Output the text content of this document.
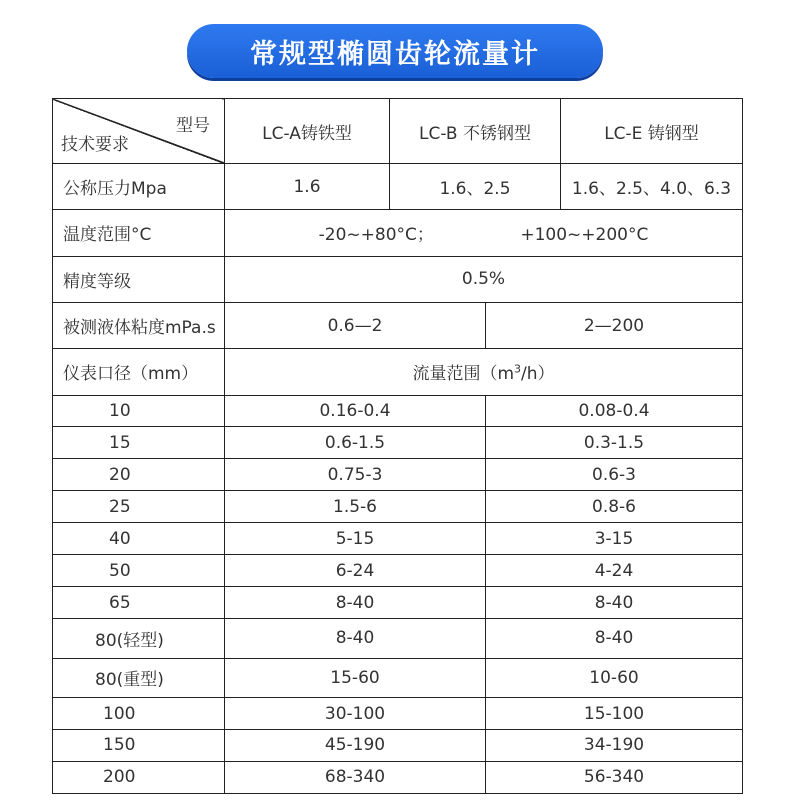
常规型椭圆齿轮流量计
型号
技术要求	LC-A铸铁型	LC-B 不锈钢型		LC-E 铸钢型
公称压力Mpa	1.6	1.6、2.5		1.6、2.5、4.0、6.3
温度范围°C	-20~+80°C；                +100~+200°C			
精度等级	0.5%			
被测液体粘度mPa.s	0.6—2		2—200	
仪表口径（mm）	流量范围$(m^3/h)$			
10	0.16-0.4		0.08-0.4	
15	0.6-1.5		0.3-1.5	
20	0.75-3		0.6-3	
25	1.5-6		0.8-6	
40	5-15		3-15	
50	6-24		4-24	
65	8-40		8-40	
80(轻型)	8-40		8-40	
80(重型)	15-60		10-60	
100	30-100		15-100	
150	45-190		34-190	
200	68-340		56-340	
